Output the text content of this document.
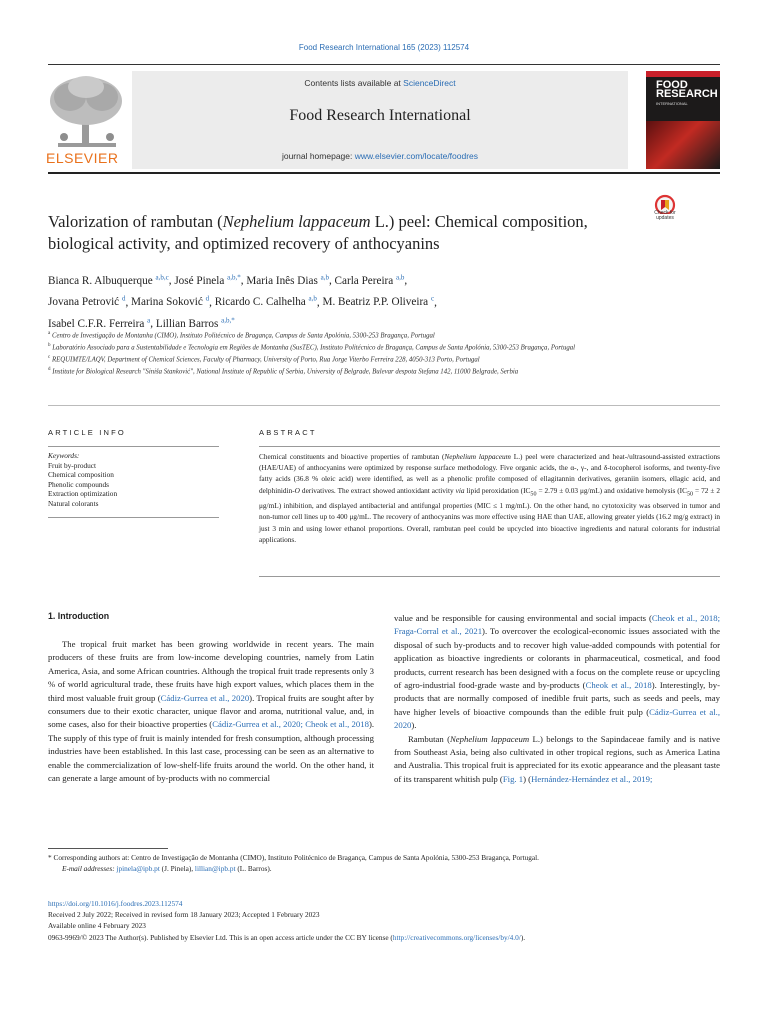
Food Research International 165 (2023) 112574
ELSEVIER
Contents lists available at ScienceDirect
Food Research International
journal homepage: www.elsevier.com/locate/foodres
FOOD RESEARCH
INTERNATIONAL
Valorization of rambutan (Nephelium lappaceum L.) peel: Chemical composition, biological activity, and optimized recovery of anthocyanins
Check for updates
Bianca R. Albuquerque $^{a,b,c}$, José Pinela $^{a,b,*}$, Maria Inês Dias $^{a,b}$, Carla Pereira $^{a,b}$,
Jovana Petrović $^d$, Marina Soković $^d$, Ricardo C. Calhelha $^{a,b}$, M. Beatriz P.P. Oliveira $^c$,
Isabel C.F.R. Ferreira $^a$, Lillian Barros $^{a,b,*}$
$^a$ Centro de Investigação de Montanha (CIMO), Instituto Politécnico de Bragança, Campus de Santa Apolónia, 5300-253 Bragança, Portugal
$^b$ Laboratório Associado para a Sustentabilidade e Tecnologia em Regiões de Montanha (SusTEC), Instituto Politécnico de Bragança, Campus de Santa Apolónia, 5300-253 Bragança, Portugal
$^c$ REQUIMTE/LAQV, Department of Chemical Sciences, Faculty of Pharmacy, University of Porto, Rua Jorge Viterbo Ferreira 228, 4050-313 Porto, Portugal
$^d$ Institute for Biological Research "Siniša Stanković", National Institute of Republic of Serbia, University of Belgrade, Bulevar despota Stefana 142, 11000 Belgrade, Serbia
ARTICLE INFO
Keywords:
Fruit by-product
Chemical composition
Phenolic compounds
Extraction optimization
Natural colorants
ABSTRACT
Chemical constituents and bioactive properties of rambutan (Nephelium lappaceum L.) peel were characterized and heat-/ultrasound-assisted extractions (HAE/UAE) of anthocyanins were optimized by response surface methodology. Five organic acids, the α-, γ-, and δ-tocopherol isoforms, and twenty-five fatty acids (36.8 % oleic acid) were identified, as well as a phenolic profile composed of ellagitannin derivatives, geraniin isomers, ellagic acid, and delphinidin-O derivatives. The extract showed antioxidant activity via lipid peroxidation ($IC_{50} = 2.79 \pm 0.03$ μg/mL) and oxidative hemolysis ($IC_{50} = 72 \pm 2$ μg/mL) inhibition, and displayed antibacterial and antifungal properties (MIC ≤ 1 mg/mL). On the other hand, no cytotoxicity was observed in tumor and non-tumor cell lines up to 400 μg/mL. The recovery of anthocyanins was more effective using HAE than UAE, allowing greater yields (16.2 mg/g extract) in just 3 min and using lower ethanol proportions. Overall, rambutan peel could be upcycled into bioactive ingredients and natural colorants for industrial applications.
1. Introduction

The tropical fruit market has been growing worldwide in recent years. The main producers of these fruits are from low-income developing countries, namely from Latin America, Asia, and some African countries. Although the tropical fruit trade represents only 3 % of world agricultural trade, these fruits have high export values, which places them in the third most valuable fruit group (Cádiz-Gurrea et al., 2020). Tropical fruits are sought after by consumers due to their exotic character, unique flavor and aroma, nutritional value, and, in some cases, also for their bioactive properties (Cádiz-Gurrea et al., 2020; Cheok et al., 2018). The supply of this type of fruit is mainly intended for fresh consumption, although processing industries have been established. In this last case, processing can be seen as an alternative to enable the commercialization of low-shelf-life fruits around the world. On the other hand, it can generate a large amount of by-products with no commercial

value and be responsible for causing environmental and social impacts (Cheok et al., 2018; Fraga-Corral et al., 2021). To overcover the ecological-economic issues associated with the disposal of such by-products and to recover high value-added compounds with potential for application as bioactive ingredients or colorants in pharmaceutical, cosmetical, and food products, current research has been designed with a focus on the complete reuse or upcycling of agro-industrial food-grade waste and by-products (Cheok et al., 2018). Interestingly, by-products that are normally composed of inedible fruit parts, such as seeds and peels, may have higher levels of bioactive compounds than the edible fruit pulp (Cádiz-Gurrea et al., 2020).

Rambutan (Nephelium lappaceum L.) belongs to the Sapindaceae family and is native from Southeast Asia, being also cultivated in other tropical regions, such as America Latina and Australia. This tropical fruit is appreciated for its exotic appearance and the pleasant taste of its transparent whitish pulp (Fig. 1) (Hernández-Hernández et al., 2019;

* Corresponding authors at: Centro de Investigação de Montanha (CIMO), Instituto Politécnico de Bragança, Campus de Santa Apolónia, 5300-253 Bragança, Portugal.

E-mail addresses: jpinela@ipb.pt (J. Pinela), lillian@ipb.pt (L. Barros).

https://doi.org/10.1016/j.foodres.2023.112574

Received 2 July 2022; Received in revised form 18 January 2023; Accepted 1 February 2023

Available online 4 February 2023

0963-9969/© 2023 The Author(s). Published by Elsevier Ltd. This is an open access article under the CC BY license (http://creativecommons.org/licenses/by/4.0/).
